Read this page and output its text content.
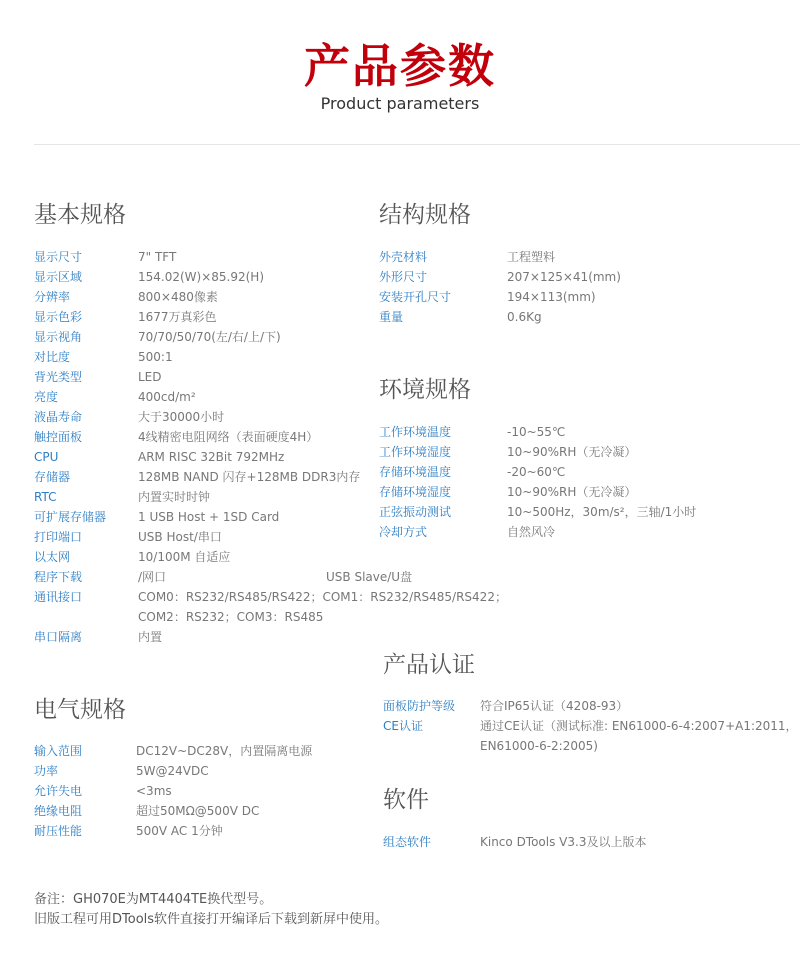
产品参数
Product parameters
基本规格
显示尺寸	7" TFT
显示区域	154.02(W)×85.92(H)
分辨率	800×480像素
显示色彩	1677万真彩色
显示视角	70/70/50/70(左/右/上/下)
对比度	500:1
背光类型	LED
亮度	400cd/m²
液晶寿命	大于30000小时
触控面板	4线精密电阻网络（表面硬度4H）
CPU	ARM RISC 32Bit 792MHz
存储器	128MB NAND 闪存+128MB DDR3内存
RTC	内置实时时钟
可扩展存储器	1 USB Host + 1SD Card
打印端口	USB Host/串口
以太网	10/100M 自适应
程序下载	/网口	USB Slave/U盘
通讯接口	COM0：RS232/RS485/RS422；COM1：RS232/RS485/RS422；
COM2：RS232；COM3：RS485
串口隔离	内置
电气规格
输入范围	DC12V~DC28V，内置隔离电源
功率	5W@24VDC
允许失电	<3ms
绝缘电阻	超过50MΩ@500V DC
耐压性能	500V AC 1分钟
结构规格
外壳材料	工程塑料
外形尺寸	207×125×41(mm)
安装开孔尺寸	194×113(mm)
重量	0.6Kg
环境规格
工作环境温度	-10~55℃
工作环境湿度	10~90%RH（无冷凝）
存储环境温度	-20~60℃
存储环境湿度	10~90%RH（无冷凝）
正弦振动测试	10~500Hz，30m/s²，三轴/1小时
冷却方式	自然风冷
产品认证
面板防护等级 符合IP65认证（4208-93）
CE认证	通过CE认证（测试标准: EN61000-6-4:2007+A1:2011，
EN61000-6-2:2005)
软件
组态软件	Kinco DTools V3.3及以上版本
备注：GH070E为MT4404TE换代型号。
旧版工程可用DTools软件直接打开编译后下载到新屏中使用。
